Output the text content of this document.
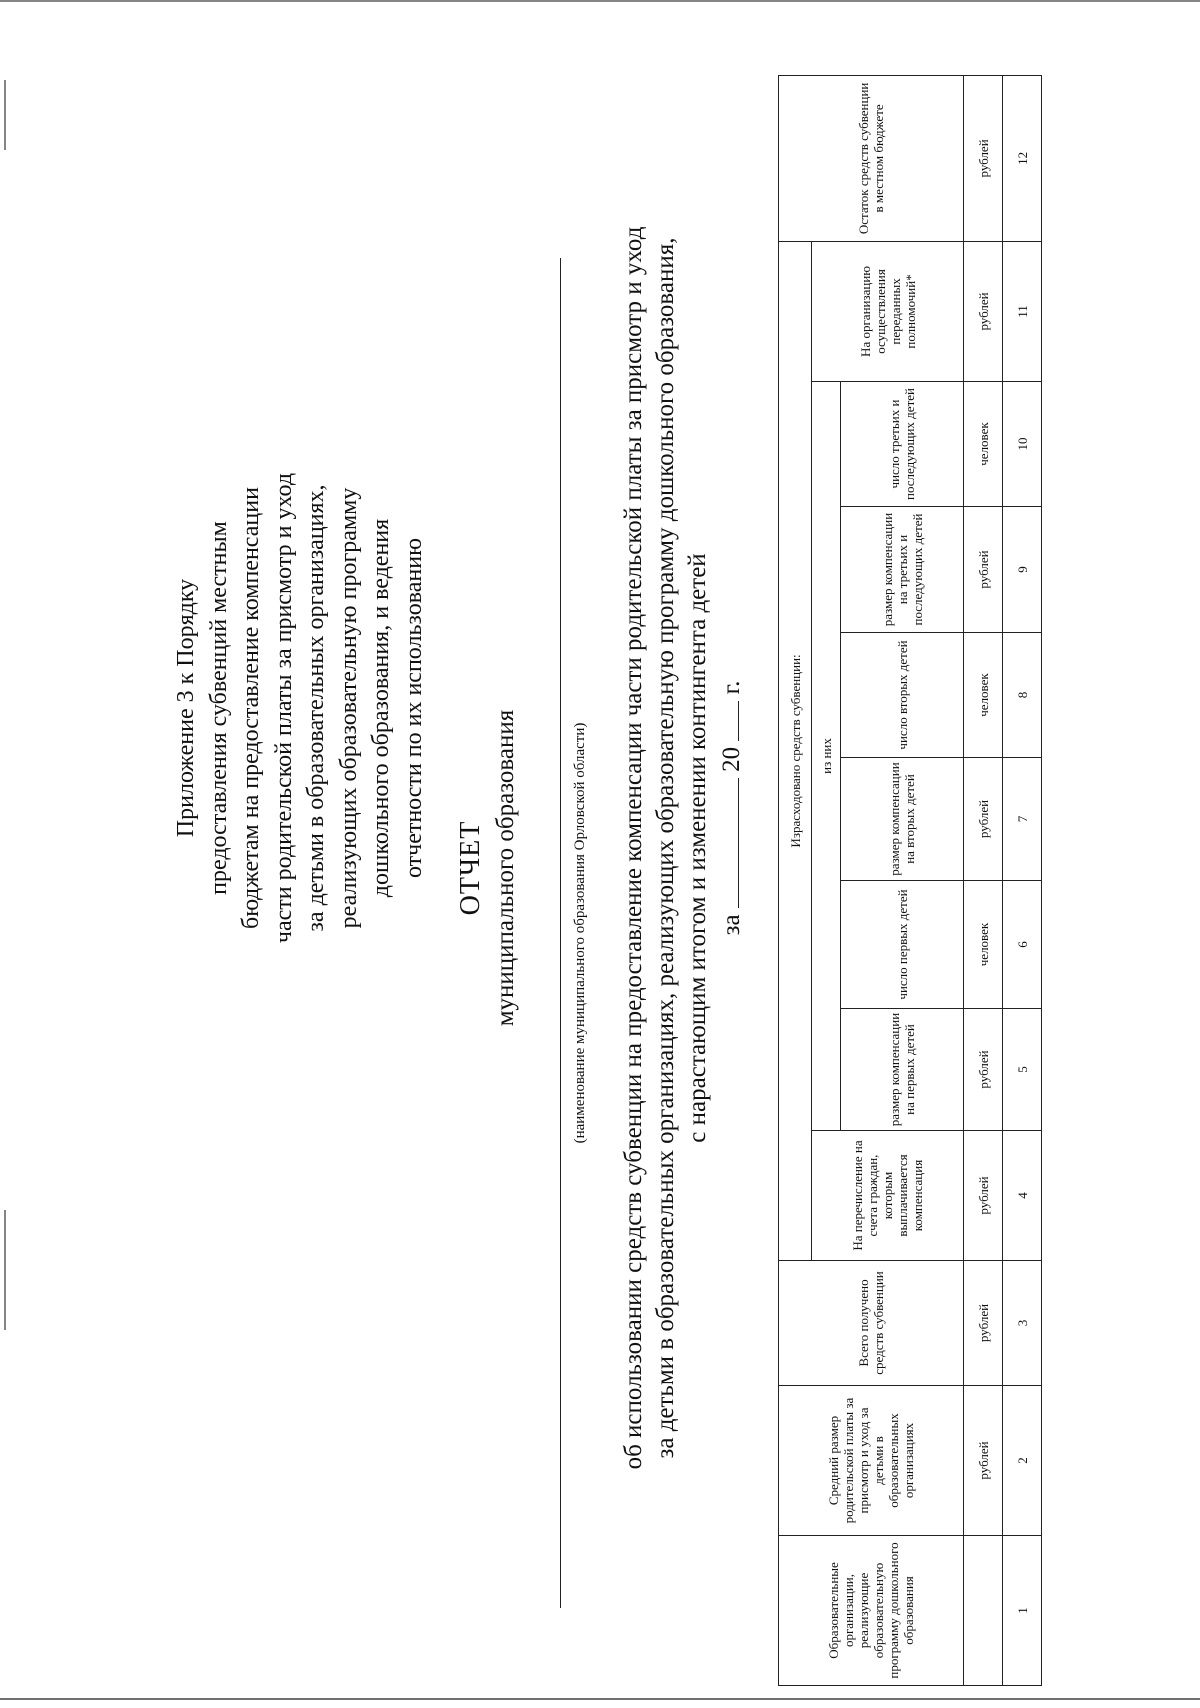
Приложение 3 к Порядку предоставления субвенций местным бюджетам на предоставление компенсации части родительской платы за присмотр и уход за детьми в образовательных организациях, реализующих образовательную программу дошкольного образования, и ведения отчетности по их использованию ОТЧЕТ муниципального образования	(наименование муниципального образования Орловской области) об использовании средств субвенции на предоставление компенсации части родительской платы за присмотр и уход за детьми в образовательных организациях, реализующих образовательную программу дошкольного образования, с нарастающим итогом и изменении контингента детей за  20  г.
Образовательные организации, реализующие образовательную программу дошкольного образования	Средний размер родительской платы за присмотр и уход за детьми в образовательных организациях	Всего получено средств субвенции	Израсходовано средств субвенции:								Остаток средств субвенции в местном бюджете
			На перечисление на счета граждан, которым выплачивается компенсация	из них						На организацию осуществления переданных полномочий*	
				размер компенсации на первых детей	число первых детей	размер компенсации на вторых детей	число вторых детей	размер компенсации на третьих и последующих детей	число третьих и последующих детей		
	рублей	рублей	рублей	рублей	человек	рублей	человек	рублей	человек	рублей	рублей
1	2	3	4	5	6	7	8	9	10	11	12
